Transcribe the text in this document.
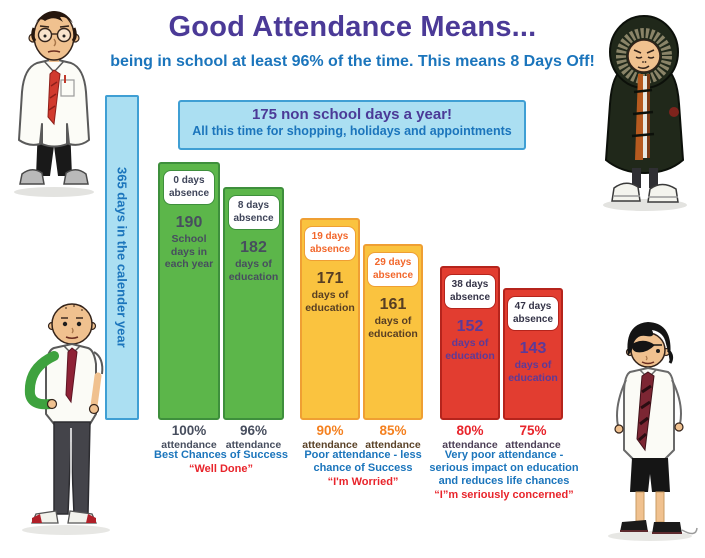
Good Attendance Means...
being in school at least 96% of the time. This means 8 Days Off!
175 non school days a year!
All this time for shopping, holidays and appointments
365 days in the calender year	0 days absence
190
School days in each year
8 days absence
182
days of education
19 days absence
171
days of education
29 days absence
161
days of education
38 days absence
152
days of education
47 days absence
143
days of education
100%
attendance
96%
attendance
90%
attendance
85%
attendance
80%
attendance
75%
attendance
Best Chances of Success
“Well Done”
Poor attendance - less chance of Success
“I'm Worried”
Very poor attendance - serious impact on education and reduces life chances
“I”m seriously concerned”
